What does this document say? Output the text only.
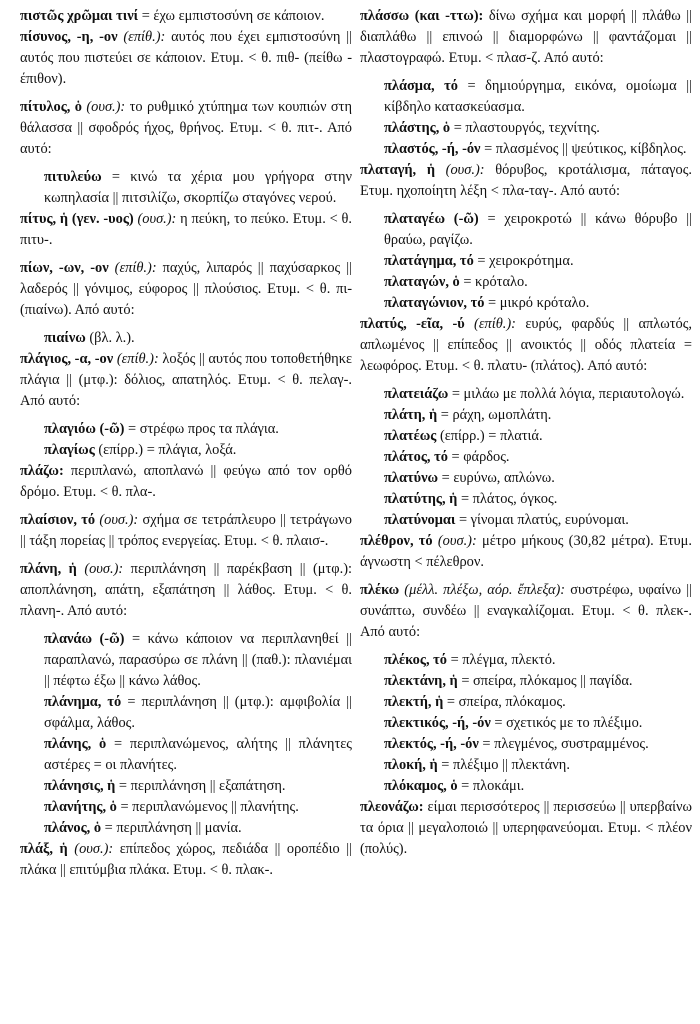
πιστῶς χρῶμαι τινί = έχω εμπιστοσύνη σε κάποιον.
πίσυνος, -η, -ον (επίθ.): αυτός που έχει εμπιστοσύνη || αυτός που πιστεύει σε κάποιον. Ετυμ. < θ. πιθ- (πείθω - έπιθον).
πίτυλος, ὁ (ουσ.): το ρυθμικό χτύπημα των κουπιών στη θάλασσα || σφοδρός ήχος, θρήνος. Ετυμ. < θ. πιτ-. Από αυτό:
πιτυλεύω = κινώ τα χέρια μου γρήγορα στην κωπηλασία || πιτσιλίζω, σκορπίζω σταγόνες νερού.
πίτυς, ἡ (γεν. -υος) (ουσ.): η πεύκη, το πεύκο. Ετυμ. < θ. πιτυ-.
πίων, -ων, -ον (επίθ.): παχύς, λιπαρός || παχύσαρκος || λαδερός || γόνιμος, εύφορος || πλούσιος. Ετυμ. < θ. πι- (πιαίνω). Από αυτό:
πιαίνω (βλ. λ.).
πλάγιος, -α, -ον (επίθ.): λοξός || αυτός που τοποθετήθηκε πλάγια || (μτφ.): δόλιος, απατηλός. Ετυμ. < θ. πελαγ-. Από αυτό:
πλαγιόω (-ῶ) = στρέφω προς τα πλάγια.
πλαγίως (επίρρ.) = πλάγια, λοξά.
πλάζω: περιπλανώ, αποπλανώ || φεύγω από τον ορθό δρόμο. Ετυμ. < θ. πλα-.
πλαίσιον, τό (ουσ.): σχήμα σε τετράπλευρο || τετράγωνο || τάξη πορείας || τρόπος ενεργείας. Ετυμ. < θ. πλαισ-.
πλάνη, ἡ (ουσ.): περιπλάνηση || παρέκβαση || (μτφ.): αποπλάνηση, απάτη, εξαπάτηση || λάθος. Ετυμ. < θ. πλανη-. Από αυτό:
πλανάω (-ῶ) = κάνω κάποιον να περιπλανηθεί || παραπλανώ, παρασύρω σε πλάνη || (παθ.): πλανιέμαι || πέφτω έξω || κάνω λάθος.
πλάνημα, τό = περιπλάνηση || (μτφ.): αμφιβολία || σφάλμα, λάθος.
πλάνης, ὁ = περιπλανώμενος, αλήτης || πλάνητες αστέρες = οι πλανήτες.
πλάνησις, ἡ = περιπλάνηση || εξαπάτηση.
πλανήτης, ὁ = περιπλανώμενος || πλανήτης.
πλάνος, ὁ = περιπλάνηση || μανία.
πλάξ, ἡ (ουσ.): επίπεδος χώρος, πεδιάδα || οροπέδιο || πλάκα || επιτύμβια πλάκα. Ετυμ. < θ. πλακ-.
πλάσσω (και -ττω): δίνω σχήμα και μορφή || πλάθω || διαπλάθω || επινοώ || διαμορφώνω || φαντάζομαι || πλαστογραφώ. Ετυμ. < πλασ-ζ. Από αυτό:
πλάσμα, τό = δημιούργημα, εικόνα, ομοίωμα || κίβδηλο κατασκεύασμα.
πλάστης, ὁ = πλαστουργός, τεχνίτης.
πλαστός, -ή, -όν = πλασμένος || ψεύτικος, κίβδηλος.
πλαταγή, ἡ (ουσ.): θόρυβος, κροτάλισμα, πάταγος. Ετυμ. ηχοποίητη λέξη < πλα-ταγ-. Από αυτό:
πλαταγέω (-ῶ) = χειροκροτώ || κάνω θόρυβο || θραύω, ραγίζω.
πλατάγημα, τό = χειροκρότημα.
πλαταγών, ὁ = κρόταλο.
πλαταγώνιον, τό = μικρό κρόταλο.
πλατύς, -εῖα, -ύ (επίθ.): ευρύς, φαρδύς || απλωτός, απλωμένος || επίπεδος || ανοικτός || οδός πλατεία = λεωφόρος. Ετυμ. < θ. πλατυ- (πλάτος). Από αυτό:
πλατειάζω = μιλάω με πολλά λόγια, περιαυτολογώ.
πλάτη, ἡ = ράχη, ωμοπλάτη.
πλατέως (επίρρ.) = πλατιά.
πλάτος, τό = φάρδος.
πλατύνω = ευρύνω, απλώνω.
πλατύτης, ἡ = πλάτος, όγκος.
πλατύνομαι = γίνομαι πλατύς, ευρύνομαι.
πλέθρον, τό (ουσ.): μέτρο μήκους (30,82 μέτρα). Ετυμ. άγνωστη < πέλεθρον.
πλέκω (μέλλ. πλέξω, αόρ. ἔπλεξα): συστρέφω, υφαίνω || συνάπτω, συνδέω || εναγκαλίζομαι. Ετυμ. < θ. πλεκ-. Από αυτό:
πλέκος, τό = πλέγμα, πλεκτό.
πλεκτάνη, ἡ = σπείρα, πλόκαμος || παγίδα.
πλεκτή, ἡ = σπείρα, πλόκαμος.
πλεκτικός, -ή, -όν = σχετικός με το πλέξιμο.
πλεκτός, -ή, -όν = πλεγμένος, συστραμμένος.
πλοκή, ἡ = πλέξιμο || πλεκτάνη.
πλόκαμος, ὁ = πλοκάμι.
πλεονάζω: είμαι περισσότερος || περισσεύω || υπερβαίνω τα όρια || μεγαλοποιώ || υπερηφανεύομαι. Ετυμ. < πλέον (πολύς).
